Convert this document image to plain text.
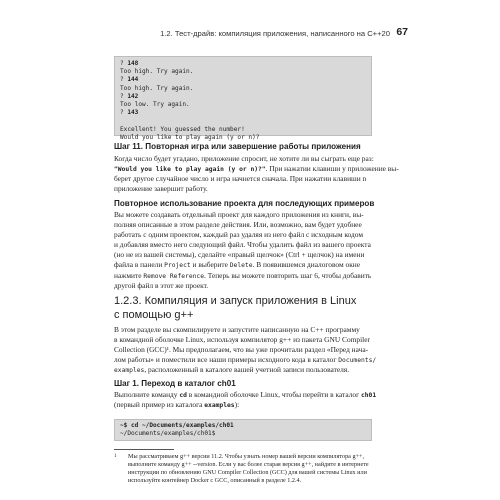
1.2. Тест-драйв: компиляция приложения, написанного на C++20 67
? 148
Too high. Try again.
? 144
Too high. Try again.
? 142
Too low. Try again.
? 143
Excellent! You guessed the number!
Would you like to play again (y or n)?
Шаг 11. Повторная игра или завершение работы приложения
Когда число будет угадано, приложение спросит, не хотите ли вы сыграть еще раз:
"Would you like to play again (y or n)?". При нажатии клавиши у приложение вы-
берет другое случайное число и игра начнется сначала. При нажатии клавиши n
приложение завершит работу.
Повторное использование проекта для последующих примеров
Вы можете создавать отдельный проект для каждого приложения из книги, вы-
полняя описанные в этом разделе действия. Или, возможно, вам будет удобнее
работать с одним проектом, каждый раз удаляя из него файл с исходным кодом
и добавляя вместо него следующий файл. Чтобы удалить файл из вашего проекта
(но не из вашей системы), сделайте «правый щелчок» (Ctrl + щелчок) на имени
файла в панели Project и выберите Delete. В появившемся диалоговом окне
нажмите Remove Reference. Теперь вы можете повторить шаг 6, чтобы добавить
другой файл в этот же проект.
1.2.3. Компиляция и запуск приложения в Linux
с помощью g++
В этом разделе вы скомпилируете и запустите написанную на C++ программу
в командной оболочке Linux, используя компилятор g++ из пакета GNU Compiler
Collection (GCC)¹. Мы предполагаем, что вы уже прочитали раздел «Перед нача-
лом работы» и поместили все наши примеры исходного кода в каталог Documents/
examples, расположенный в каталоге вашей учетной записи пользователя.
Шаг 1. Переход в каталог ch01
Выполните команду cd в командной оболочке Linux, чтобы перейти в каталог ch01
(первый пример из каталога examples):
~$ cd ~/Documents/examples/ch01
~/Documents/examples/ch01$
1 Мы рассматриваем g++ версии 11.2. Чтобы узнать номер вашей версии компилятора g++,
выполните команду g++ --version. Если у вас более старая версия g++, найдите в интернете
инструкции по обновлению GNU Compiler Collection (GCC) для вашей системы Linux или
используйте контейнер Docker с GCC, описанный в разделе 1.2.4.
